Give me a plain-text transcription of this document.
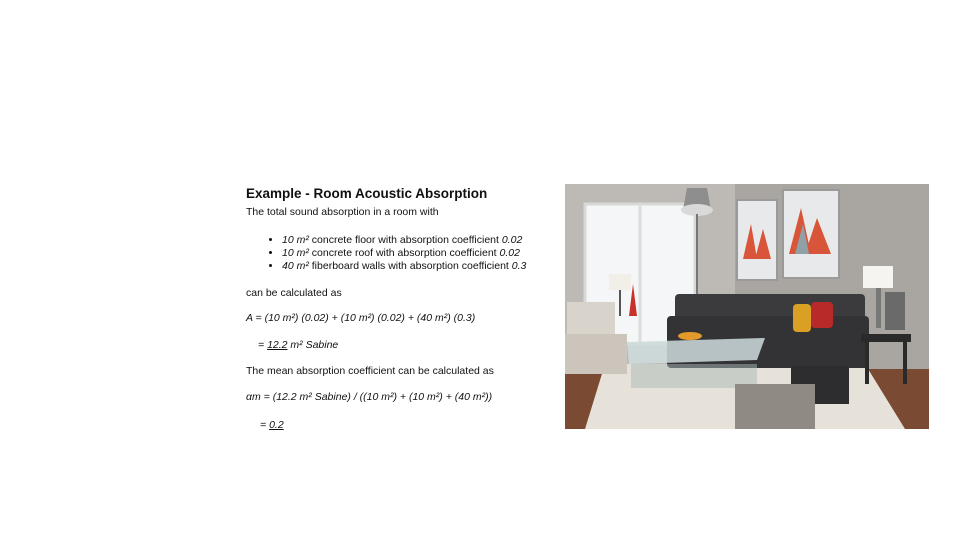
Example - Room Acoustic Absorption
The total sound absorption in a room with
• 10 m² concrete floor with absorption coefficient 0.02
• 10 m² concrete roof with absorption coefficient 0.02
• 40 m² fiberboard walls with absorption coefficient 0.3
can be calculated as
A = (10 m²) (0.02) + (10 m²) (0.02) + (40 m²) (0.3)
= 12.2 m² Sabine
The mean absorption coefficient can be calculated as
αm = (12.2 m² Sabine) / ((10 m²) + (10 m²) + (40 m²))
= 0.2
